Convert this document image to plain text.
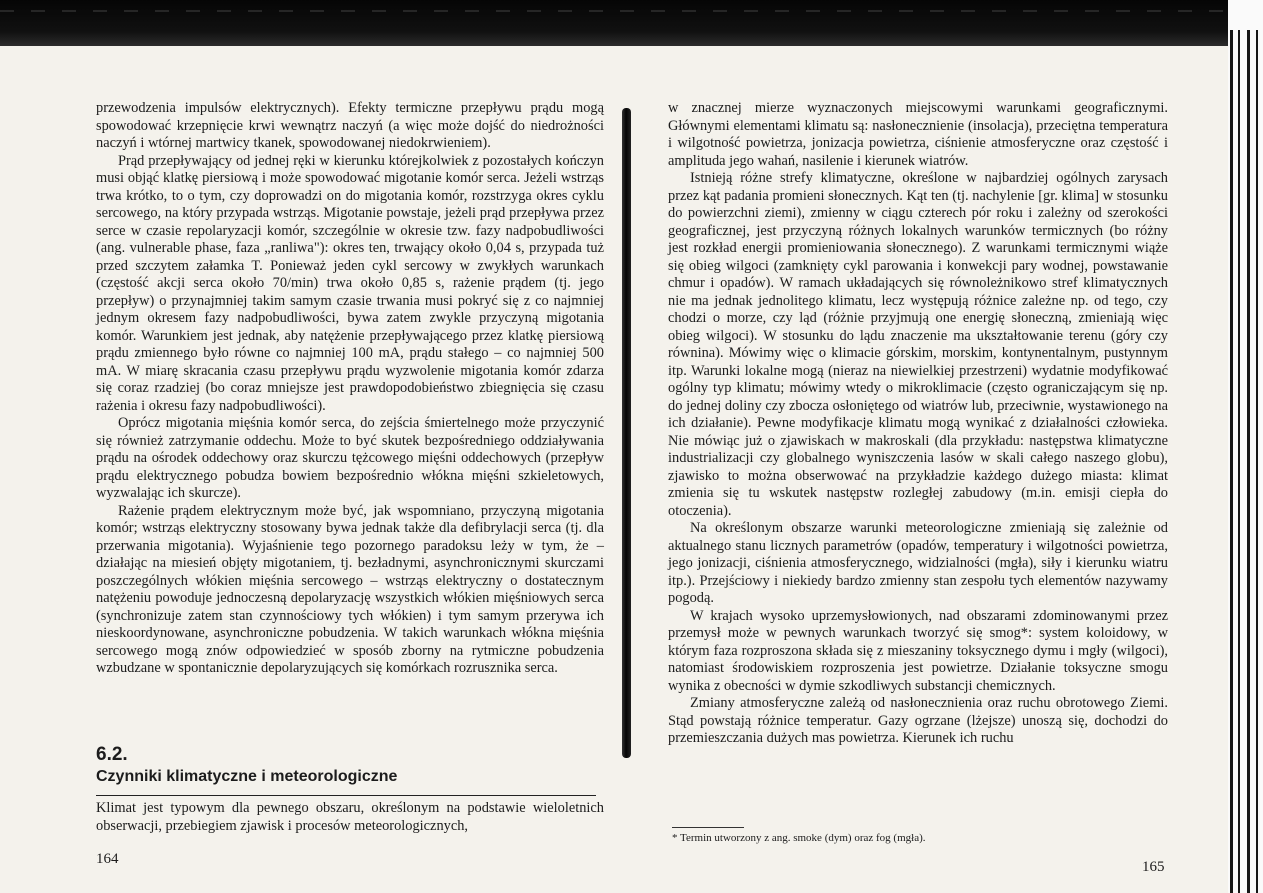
przewodzenia impulsów elektrycznych). Efekty termiczne przepływu prądu mogą spowodować krzepnięcie krwi wewnątrz naczyń (a więc może dojść do niedrożności naczyń i wtórnej martwicy tkanek, spowodowanej niedokrwieniem).

Prąd przepływający od jednej ręki w kierunku którejkolwiek z pozostałych kończyn musi objąć klatkę piersiową i może spowodować migotanie komór serca. Jeżeli wstrząs trwa krótko, to o tym, czy doprowadzi on do migotania komór, rozstrzyga okres cyklu sercowego, na który przypada wstrząs. Migotanie powstaje, jeżeli prąd przepływa przez serce w czasie repolaryzacji komór, szczególnie w okresie tzw. fazy nadpobudliwości (ang. vulnerable phase, faza „ranliwa"): okres ten, trwający około 0,04 s, przypada tuż przed szczytem załamka T. Ponieważ jeden cykl sercowy w zwykłych warunkach (częstość akcji serca około 70/min) trwa około 0,85 s, rażenie prądem (tj. jego przepływ) o przynajmniej takim samym czasie trwania musi pokryć się z co najmniej jednym okresem fazy nadpobudliwości, bywa zatem zwykle przyczyną migotania komór. Warunkiem jest jednak, aby natężenie przepływającego przez klatkę piersiową prądu zmiennego było równe co najmniej 100 mA, prądu stałego – co najmniej 500 mA. W miarę skracania czasu przepływu prądu wyzwolenie migotania komór zdarza się coraz rzadziej (bo coraz mniejsze jest prawdopodobieństwo zbiegnięcia się czasu rażenia i okresu fazy nadpobudliwości).

Oprócz migotania mięśnia komór serca, do zejścia śmiertelnego może przyczynić się również zatrzymanie oddechu. Może to być skutek bezpośredniego oddziaływania prądu na ośrodek oddechowy oraz skurczu tężcowego mięśni oddechowych (przepływ prądu elektrycznego pobudza bowiem bezpośrednio włókna mięśni szkieletowych, wyzwalając ich skurcze).

Rażenie prądem elektrycznym może być, jak wspomniano, przyczyną migotania komór; wstrząs elektryczny stosowany bywa jednak także dla defibrylacji serca (tj. dla przerwania migotania). Wyjaśnienie tego pozornego paradoksu leży w tym, że – działając na miesień objęty migotaniem, tj. bezładnymi, asynchronicznymi skurczami poszczególnych włókien mięśnia sercowego – wstrząs elektryczny o dostatecznym natężeniu powoduje jednoczesną depolaryzację wszystkich włókien mięśniowych serca (synchronizuje zatem stan czynnościowy tych włókien) i tym samym przerywa ich nieskoordynowane, asynchroniczne pobudzenia. W takich warunkach włókna mięśnia sercowego mogą znów odpowiedzieć w sposób zborny na rytmiczne pobudzenia wzbudzane w spontanicznie depolaryzujących się komórkach rozrusznika serca.

6.2.
Czynniki klimatyczne i meteorologiczne

Klimat jest typowym dla pewnego obszaru, określonym na podstawie wieloletnich obserwacji, przebiegiem zjawisk i procesów meteorologicznych,

164

w znacznej mierze wyznaczonych miejscowymi warunkami geograficznymi. Głównymi elementami klimatu są: nasłonecznienie (insolacja), przeciętna temperatura i wilgotność powietrza, jonizacja powietrza, ciśnienie atmosferyczne oraz częstość i amplituda jego wahań, nasilenie i kierunek wiatrów.

Istnieją różne strefy klimatyczne, określone w najbardziej ogólnych zarysach przez kąt padania promieni słonecznych. Kąt ten (tj. nachylenie [gr. klima] w stosunku do powierzchni ziemi), zmienny w ciągu czterech pór roku i zależny od szerokości geograficznej, jest przyczyną różnych lokalnych warunków termicznych (bo różny jest rozkład energii promieniowania słonecznego). Z warunkami termicznymi wiąże się obieg wilgoci (zamknięty cykl parowania i konwekcji pary wodnej, powstawanie chmur i opadów). W ramach układających się równoleżnikowo stref klimatycznych nie ma jednak jednolitego klimatu, lecz występują różnice zależne np. od tego, czy chodzi o morze, czy ląd (różnie przyjmują one energię słoneczną, zmieniają więc obieg wilgoci). W stosunku do lądu znaczenie ma ukształtowanie terenu (góry czy równina). Mówimy więc o klimacie górskim, morskim, kontynentalnym, pustynnym itp. Warunki lokalne mogą (nieraz na niewielkiej przestrzeni) wydatnie modyfikować ogólny typ klimatu; mówimy wtedy o mikroklimacie (często ograniczającym się np. do jednej doliny czy zbocza osłoniętego od wiatrów lub, przeciwnie, wystawionego na ich działanie). Pewne modyfikacje klimatu mogą wynikać z działalności człowieka. Nie mówiąc już o zjawiskach w makroskali (dla przykładu: następstwa klimatyczne industrializacji czy globalnego wyniszczenia lasów w skali całego naszego globu), zjawisko to można obserwować na przykładzie każdego dużego miasta: klimat zmienia się tu wskutek następstw rozległej zabudowy (m.in. emisji ciepła do otoczenia).

Na określonym obszarze warunki meteorologiczne zmieniają się zależnie od aktualnego stanu licznych parametrów (opadów, temperatury i wilgotności powietrza, jego jonizacji, ciśnienia atmosferycznego, widzialności (mgła), siły i kierunku wiatru itp.). Przejściowy i niekiedy bardzo zmienny stan zespołu tych elementów nazywamy pogodą.

W krajach wysoko uprzemysłowionych, nad obszarami zdominowanymi przez przemysł może w pewnych warunkach tworzyć się smog*: system koloidowy, w którym faza rozproszona składa się z mieszaniny toksycznego dymu i mgły (wilgoci), natomiast środowiskiem rozproszenia jest powietrze. Działanie toksyczne smogu wynika z obecności w dymie szkodliwych substancji chemicznych.

Zmiany atmosferyczne zależą od nasłonecznienia oraz ruchu obrotowego Ziemi. Stąd powstają różnice temperatur. Gazy ogrzane (lżejsze) unoszą się, dochodzi do przemieszczania dużych mas powietrza. Kierunek ich ruchu

* Termin utworzony z ang. smoke (dym) oraz fog (mgła).

165
